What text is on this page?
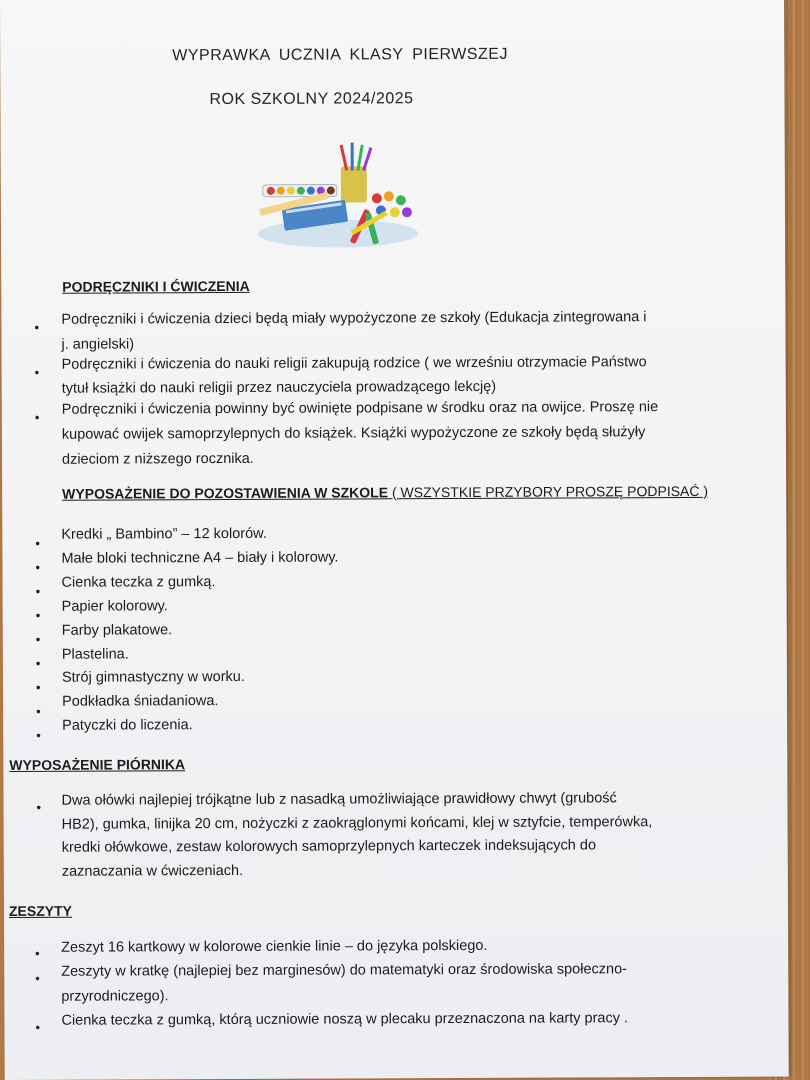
WYPRAWKA UCZNIA KLASY PIERWSZEJ
ROK SZKOLNY 2024/2025
PODRĘCZNIKI I ĆWICZENIA
• Podręczniki i ćwiczenia dzieci będą miały wypożyczone ze szkoły (Edukacja zintegrowana i
j. angielski)
• Podręczniki i ćwiczenia do nauki religii zakupują rodzice ( we wrześniu otrzymacie Państwo
tytuł książki do nauki religii przez nauczyciela prowadzącego lekcję)
• Podręczniki i ćwiczenia powinny być owinięte podpisane w środku oraz na owijce. Proszę nie
kupować owijek samoprzylepnych do książek. Książki wypożyczone ze szkoły będą służyły
dzieciom z niższego rocznika.
WYPOSAŻENIE DO POZOSTAWIENIA W SZKOLE ( WSZYSTKIE PRZYBORY PROSZĘ PODPISAĆ )
•
Kredki „ Bambino” – 12 kolorów.
•
Małe bloki techniczne A4 – biały i kolorowy.
•
Cienka teczka z gumką.
•
Papier kolorowy.
•
Farby plakatowe.
•
Plastelina.
•
Strój gimnastyczny w worku.
•
Podkładka śniadaniowa.
•
Patyczki do liczenia.
WYPOSAŻENIE PIÓRNIKA
• Dwa ołówki najlepiej trójkątne lub z nasadką umożliwiające prawidłowy chwyt (grubość
HB2), gumka, linijka 20 cm, nożyczki z zaokrąglonymi końcami, klej w sztyfcie, temperówka,
kredki ołówkowe, zestaw kolorowych samoprzylepnych karteczek indeksujących do
zaznaczania w ćwiczeniach.
ZESZYTY
• Zeszyt 16 kartkowy w kolorowe cienkie linie – do języka polskiego.
• Zeszyty w kratkę (najlepiej bez marginesów) do matematyki oraz środowiska społeczno-
przyrodniczego).
• Cienka teczka z gumką, którą uczniowie noszą w plecaku przeznaczona na karty pracy .
